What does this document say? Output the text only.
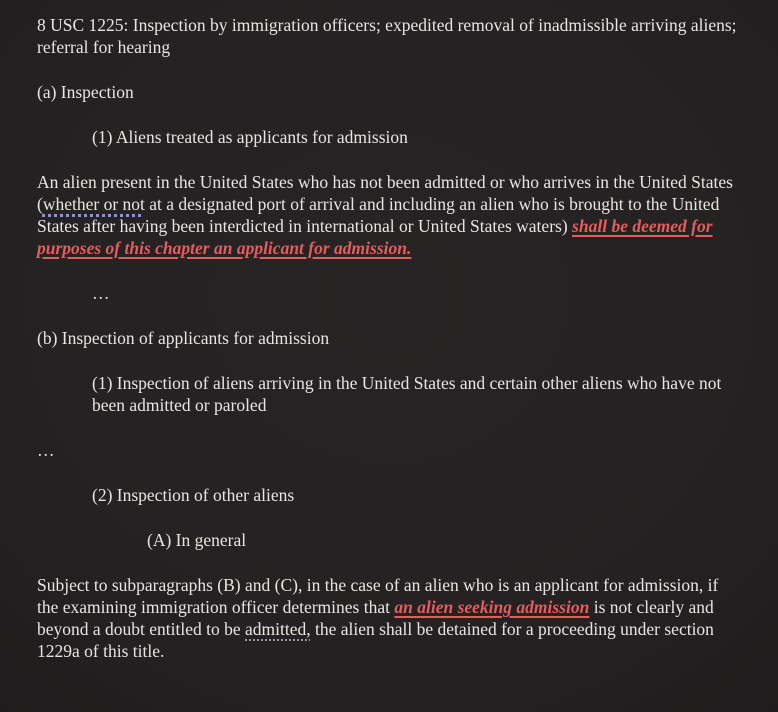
8 USC 1225: Inspection by immigration officers; expedited removal of inadmissible arriving aliens; referral for hearing

(a) Inspection

(1) Aliens treated as applicants for admission

An alien present in the United States who has not been admitted or who arrives in the United States (whether or not at a designated port of arrival and including an alien who is brought to the United States after having been interdicted in international or United States waters) shall be deemed for purposes of this chapter an applicant for admission.

…

(b) Inspection of applicants for admission

(1) Inspection of aliens arriving in the United States and certain other aliens who have not been admitted or paroled

…

(2) Inspection of other aliens

(A) In general

Subject to subparagraphs (B) and (C), in the case of an alien who is an applicant for admission, if the examining immigration officer determines that an alien seeking admission is not clearly and beyond a doubt entitled to be admitted, the alien shall be detained for a proceeding under section 1229a of this title.
